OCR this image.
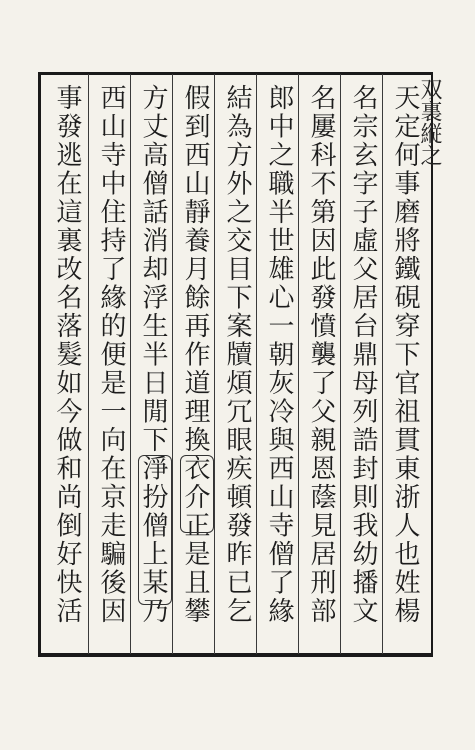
双裏縦之
天定何事磨將鐵硯穿下官祖貫東浙人也姓楊
名宗玄字子虛父居台鼎母列誥封則我幼播文
名屢科不第因此發憤襲了父親恩蔭見居刑部
郎中之職半世雄心一朝灰冷與西山寺僧了緣
結為方外之交目下案牘煩冗眼疾頓發昨已乞
假到西山靜養月餘再作道理換衣介正是且攀
方丈高僧話消却浮生半日閒下淨扮僧上某乃
西山寺中住持了緣的便是一向在京走騙後因
事發逃在這裏改名落髮如今做和尚倒好快活
